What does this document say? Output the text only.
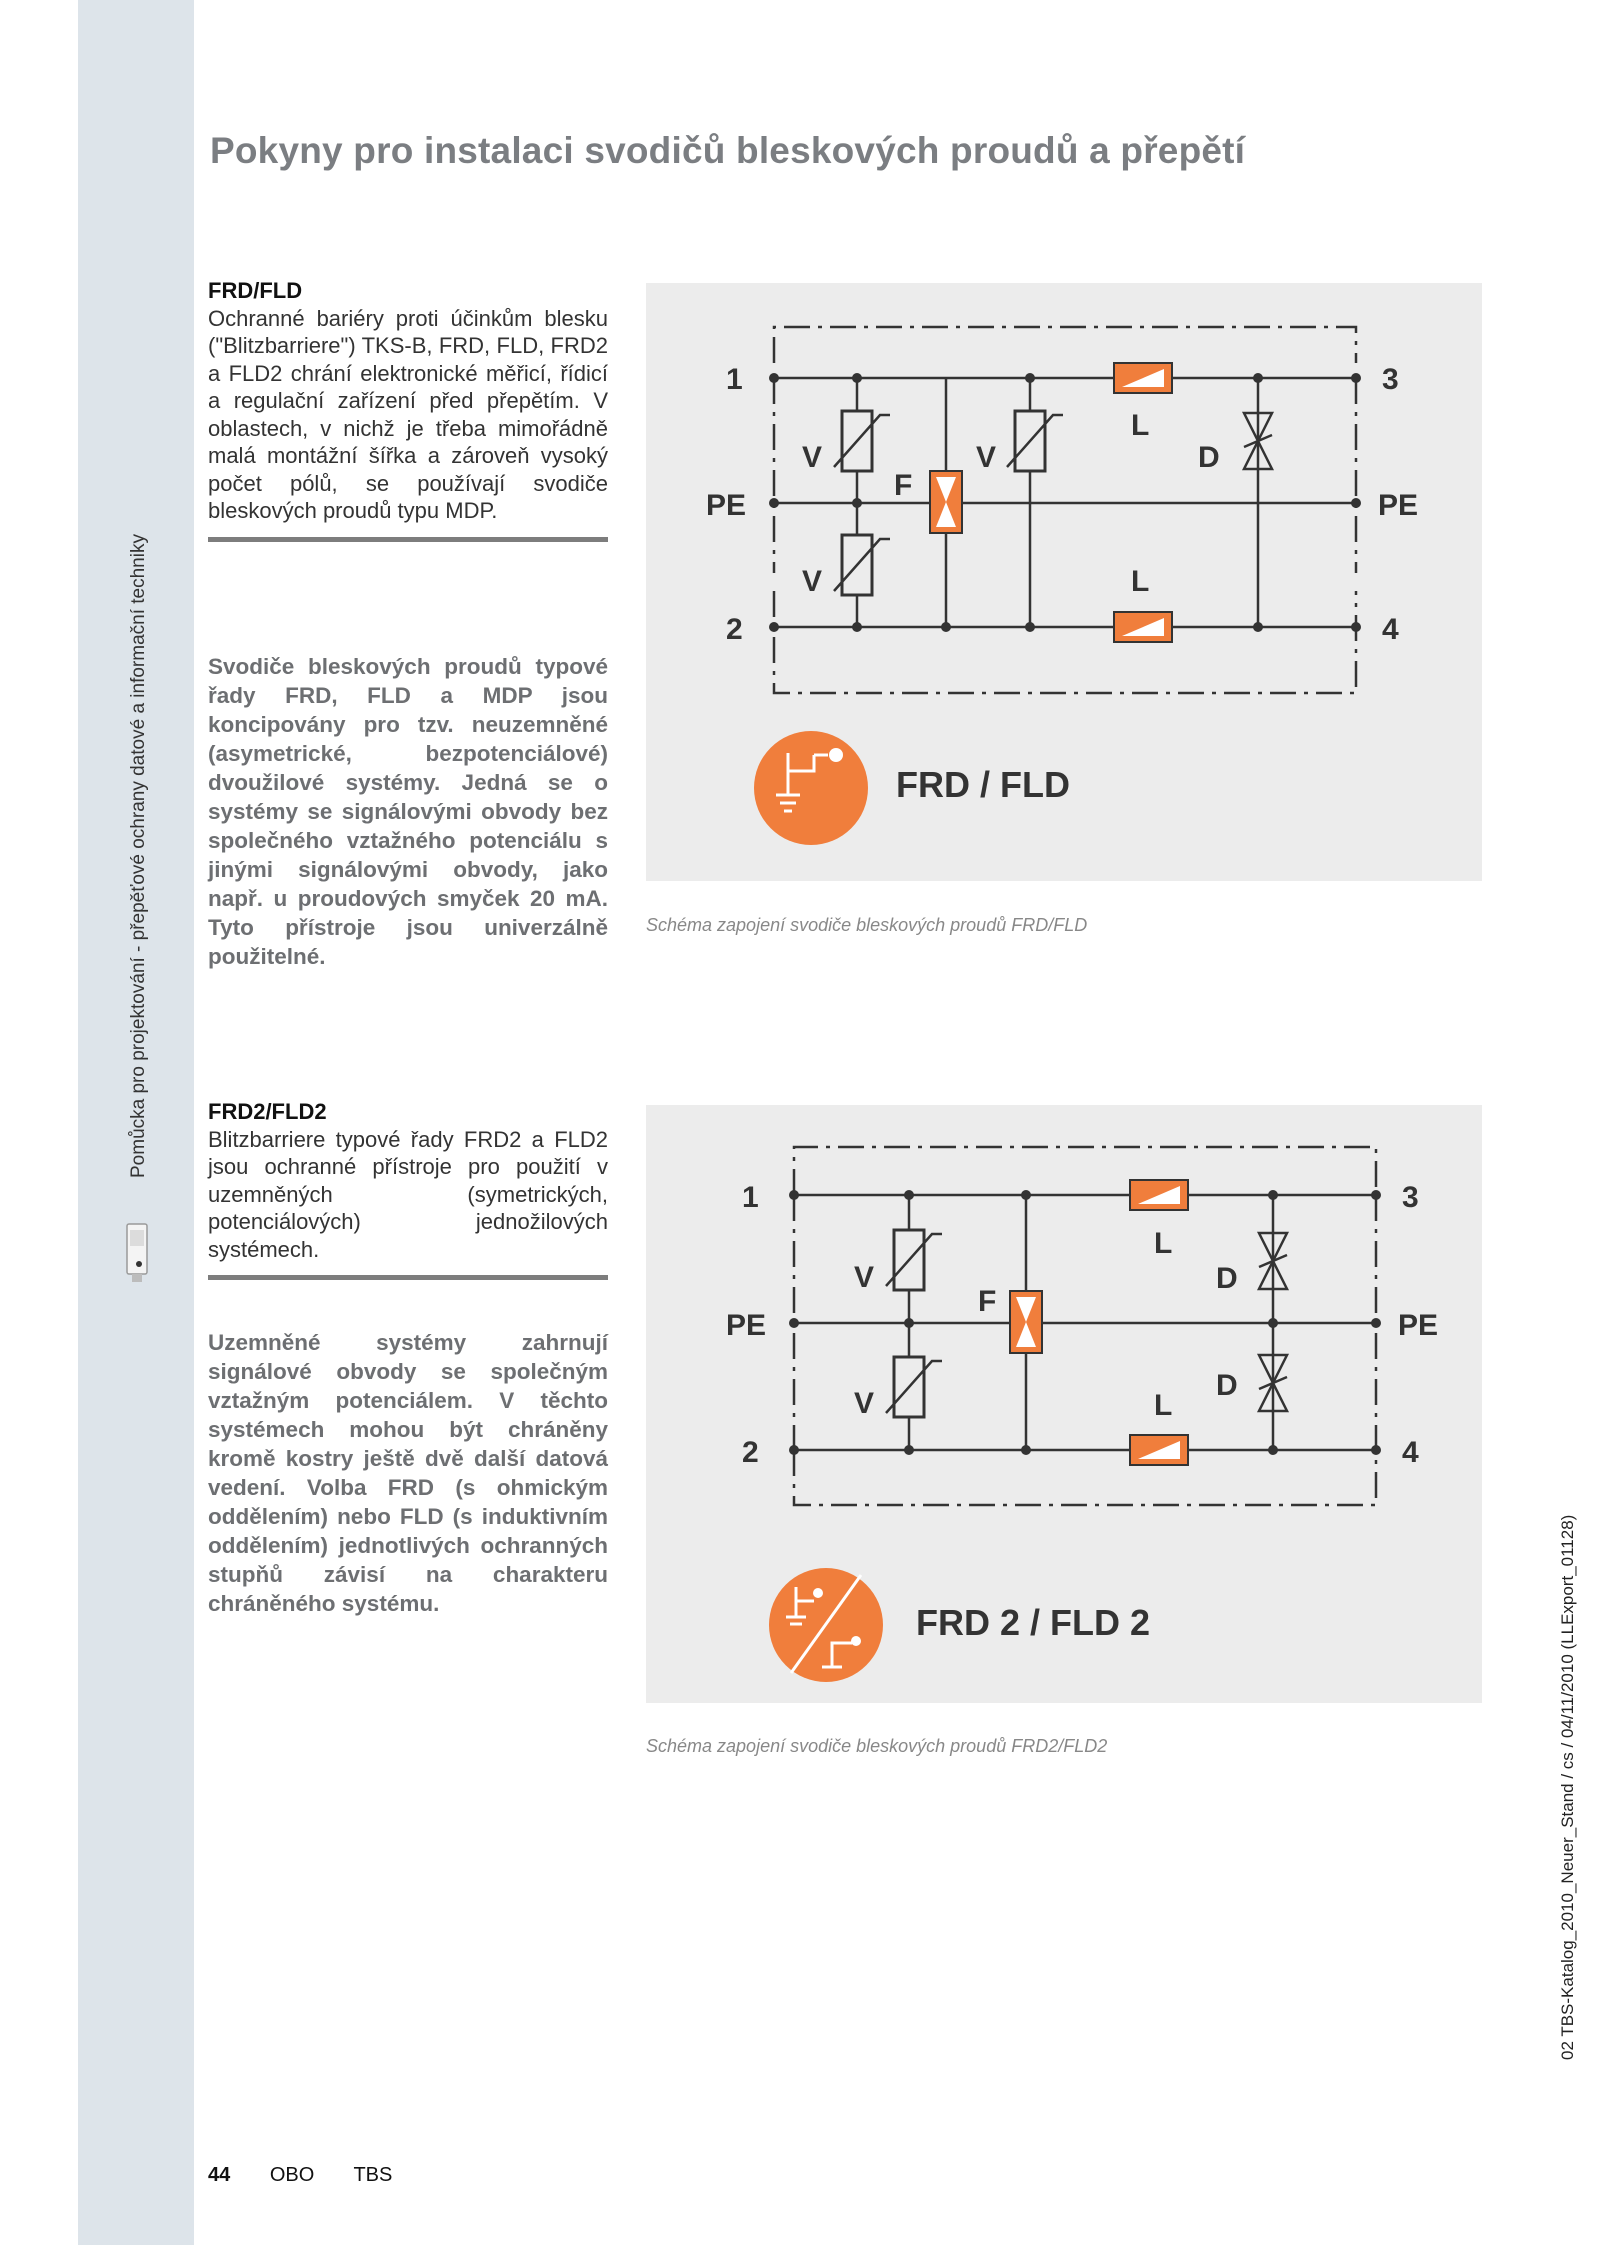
Pomůcka pro projektování - přepěťové ochrany datové a informační techniky
Pokyny pro instalaci svodičů bleskových proudů a přepětí
FRD/FLD
Ochranné bariéry proti účinkům blesku ("Blitzbarriere") TKS-B, FRD, FLD, FRD2 a FLD2 chrání elektronické měřicí, řídicí a regulační zařízení před přepětím. V oblastech, v nichž je třeba mimořádně malá montážní šířka a zároveň vysoký počet pólů, se používají svodiče bleskových proudů typu MDP.
Svodiče bleskových proudů typové řady FRD, FLD a MDP jsou koncipovány pro tzv. neuzemněné (asymetrické, bezpotenciálové) dvoužilové systémy. Jedná se o systémy se signálovými obvody bez společného vztažného potenciálu s jinými signálovými obvody, jako např. u proudových smyček 20 mA. Tyto přístroje jsou univerzálně použitelné.
1
2
3
4
PE	PE
V
V
V
F
L
L
D
FRD / FLD
Schéma zapojení svodiče bleskových proudů FRD/FLD
FRD2/FLD2
Blitzbarriere typové řady FRD2 a FLD2 jsou ochranné přístroje pro použití v uzemněných (symetrických, potenciálových) jednožilových systémech.
Uzemněné systémy zahrnují signálové obvody se společným vztažným potenciálem. V těchto systémech mohou být chráněny kromě kostry ještě dvě další datová vedení. Volba FRD (s ohmickým oddělením) nebo FLD (s induktivním oddělením) jednotlivých ochranných stupňů závisí na charakteru chráněného systému.
1
2
3
4
PE	PE
V
V
F
L
L
D
D
FRD 2 / FLD 2
Schéma zapojení svodiče bleskových proudů FRD2/FLD2
44 OBO TBS
02 TBS-Katalog_2010_Neuer_Stand / cs / 04/11/2010 (LLExport_01128)
